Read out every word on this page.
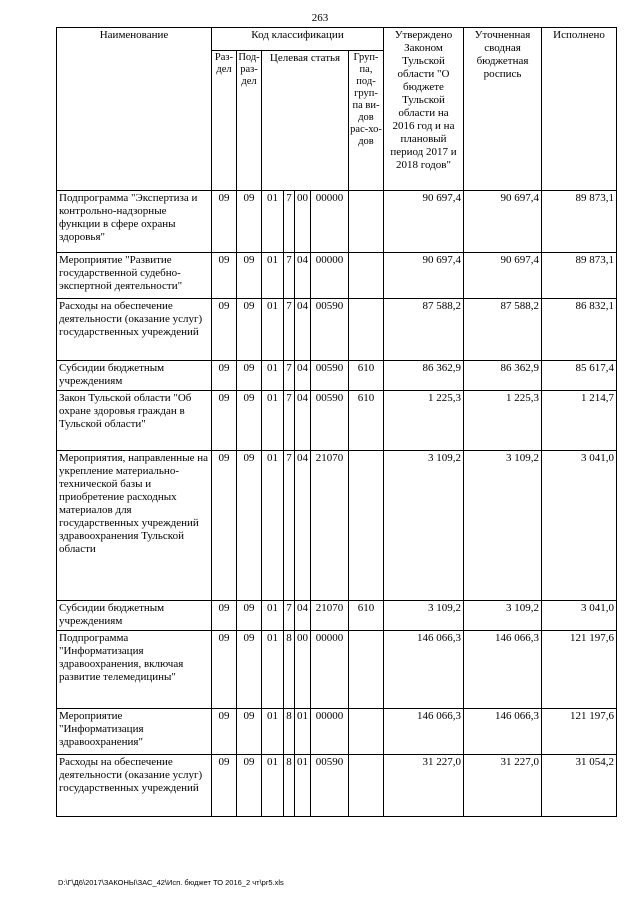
263
Наименование	Код классификации							Утверждено Законом Тульской области "О бюджете Тульской области на 2016 год и на плановый период 2017 и 2018 годов"	Уточненная сводная бюджетная роспись	Исполнено
	Раз-дел	Под-раз-дел	Целевая статья				Груп-па, под-груп-па ви-дов рас-хо-дов			
Подпрограмма "Экспертиза и контрольно-надзорные функции в сфере охраны здоровья"	09	09	01	7	00	00000		90 697,4	90 697,4	89 873,1
Мероприятие "Развитие государственной судебно-экспертной деятельности"	09	09	01	7	04	00000		90 697,4	90 697,4	89 873,1
Расходы на обеспечение деятельности (оказание услуг) государственных учреждений	09	09	01	7	04	00590		87 588,2	87 588,2	86 832,1
Субсидии бюджетным учреждениям	09	09	01	7	04	00590	610	86 362,9	86 362,9	85 617,4
Закон Тульской области "Об охране здоровья граждан в Тульской области"	09	09	01	7	04	00590	610	1 225,3	1 225,3	1 214,7
Мероприятия, направленные на укрепление материально-технической базы и приобретение расходных материалов для государственных учреждений здравоохранения Тульской области	09	09	01	7	04	21070		3 109,2	3 109,2	3 041,0
Субсидии бюджетным учреждениям	09	09	01	7	04	21070	610	3 109,2	3 109,2	3 041,0
Подпрограмма "Информатизация здравоохранения, включая развитие телемедицины"	09	09	01	8	00	00000		146 066,3	146 066,3	121 197,6
Мероприятие "Информатизация здравоохранения"	09	09	01	8	01	00000		146 066,3	146 066,3	121 197,6
Расходы на обеспечение деятельности (оказание услуг) государственных учреждений	09	09	01	8	01	00590		31 227,0	31 227,0	31 054,2
D:\Г\Д6\2017\ЗАКОНЫ\ЗАС_42\Исп. бюджет ТО 2016_2 чт\pr5.xls
